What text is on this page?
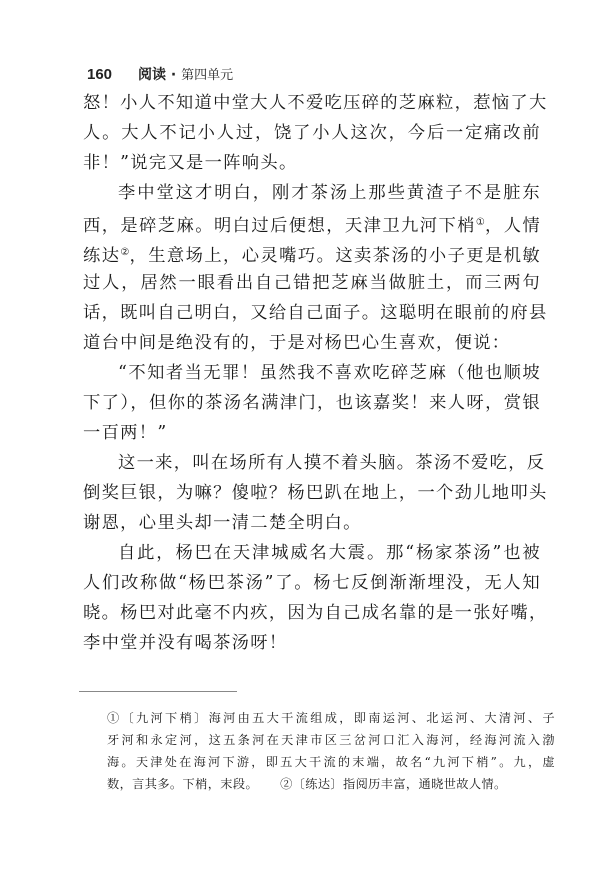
160	阅读 · 第四单元
怒！小人不知道中堂大人不爱吃压碎的芝麻粒，惹恼了大
人。大人不记小人过，饶了小人这次，今后一定痛改前
非！”说完又是一阵响头。
李中堂这才明白，刚才茶汤上那些黄渣子不是脏东
西，是碎芝麻。明白过后便想，天津卫九河下梢①，人情
练达②，生意场上，心灵嘴巧。这卖茶汤的小子更是机敏
过人，居然一眼看出自己错把芝麻当做脏土，而三两句
话，既叫自己明白，又给自己面子。这聪明在眼前的府县
道台中间是绝没有的，于是对杨巴心生喜欢，便说：
“不知者当无罪！虽然我不喜欢吃碎芝麻（他也顺坡
下了），但你的茶汤名满津门，也该嘉奖！来人呀，赏银
一百两！”
这一来，叫在场所有人摸不着头脑。茶汤不爱吃，反
倒奖巨银，为嘛？傻啦？杨巴趴在地上，一个劲儿地叩头
谢恩，心里头却一清二楚全明白。
自此，杨巴在天津城威名大震。那“杨家茶汤”也被
人们改称做“杨巴茶汤”了。杨七反倒渐渐埋没，无人知
晓。杨巴对此毫不内疚，因为自己成名靠的是一张好嘴，
李中堂并没有喝茶汤呀！
①〔九河下梢〕海河由五大干流组成，即南运河、北运河、大清河、子
牙河和永定河，这五条河在天津市区三岔河口汇入海河，经海河流入渤
海。天津处在海河下游，即五大干流的末端，故名“九河下梢”。九，虚
数，言其多。下梢，末段。 ②〔练达〕指阅历丰富，通晓世故人情。
